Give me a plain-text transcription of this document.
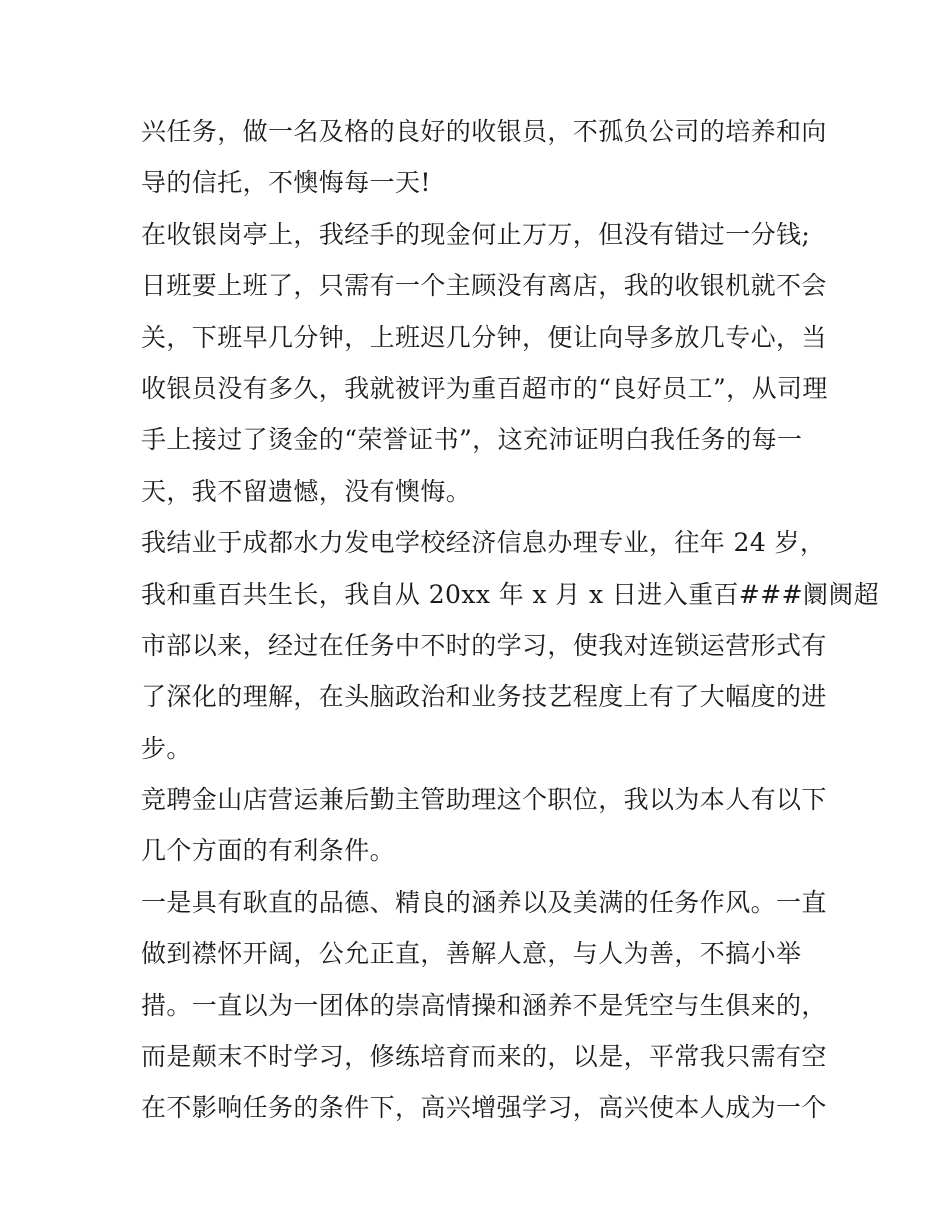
兴任务，做一名及格的良好的收银员，不孤负公司的培养和向
导的信托，不懊悔每一天!
在收银岗亭上，我经手的现金何止万万，但没有错过一分钱;
日班要上班了，只需有一个主顾没有离店，我的收银机就不会
关，下班早几分钟，上班迟几分钟，便让向导多放几专心，当
收银员没有多久，我就被评为重百超市的“良好员工”，从司理
手上接过了烫金的“荣誉证书”，这充沛证明白我任务的每一
天，我不留遗憾，没有懊悔。
我结业于成都水力发电学校经济信息办理专业，往年 24 岁，
我和重百共生长，我自从 20xx 年 x 月 x 日进入重百###阛阓超
市部以来，经过在任务中不时的学习，使我对连锁运营形式有
了深化的理解，在头脑政治和业务技艺程度上有了大幅度的进
步。
竞聘金山店营运兼后勤主管助理这个职位，我以为本人有以下
几个方面的有利条件。
一是具有耿直的品德、精良的涵养以及美满的任务作风。一直
做到襟怀开阔，公允正直，善解人意，与人为善，不搞小举
措。一直以为一团体的崇高情操和涵养不是凭空与生俱来的，
而是颠末不时学习，修练培育而来的，以是，平常我只需有空
在不影响任务的条件下，高兴增强学习，高兴使本人成为一个
